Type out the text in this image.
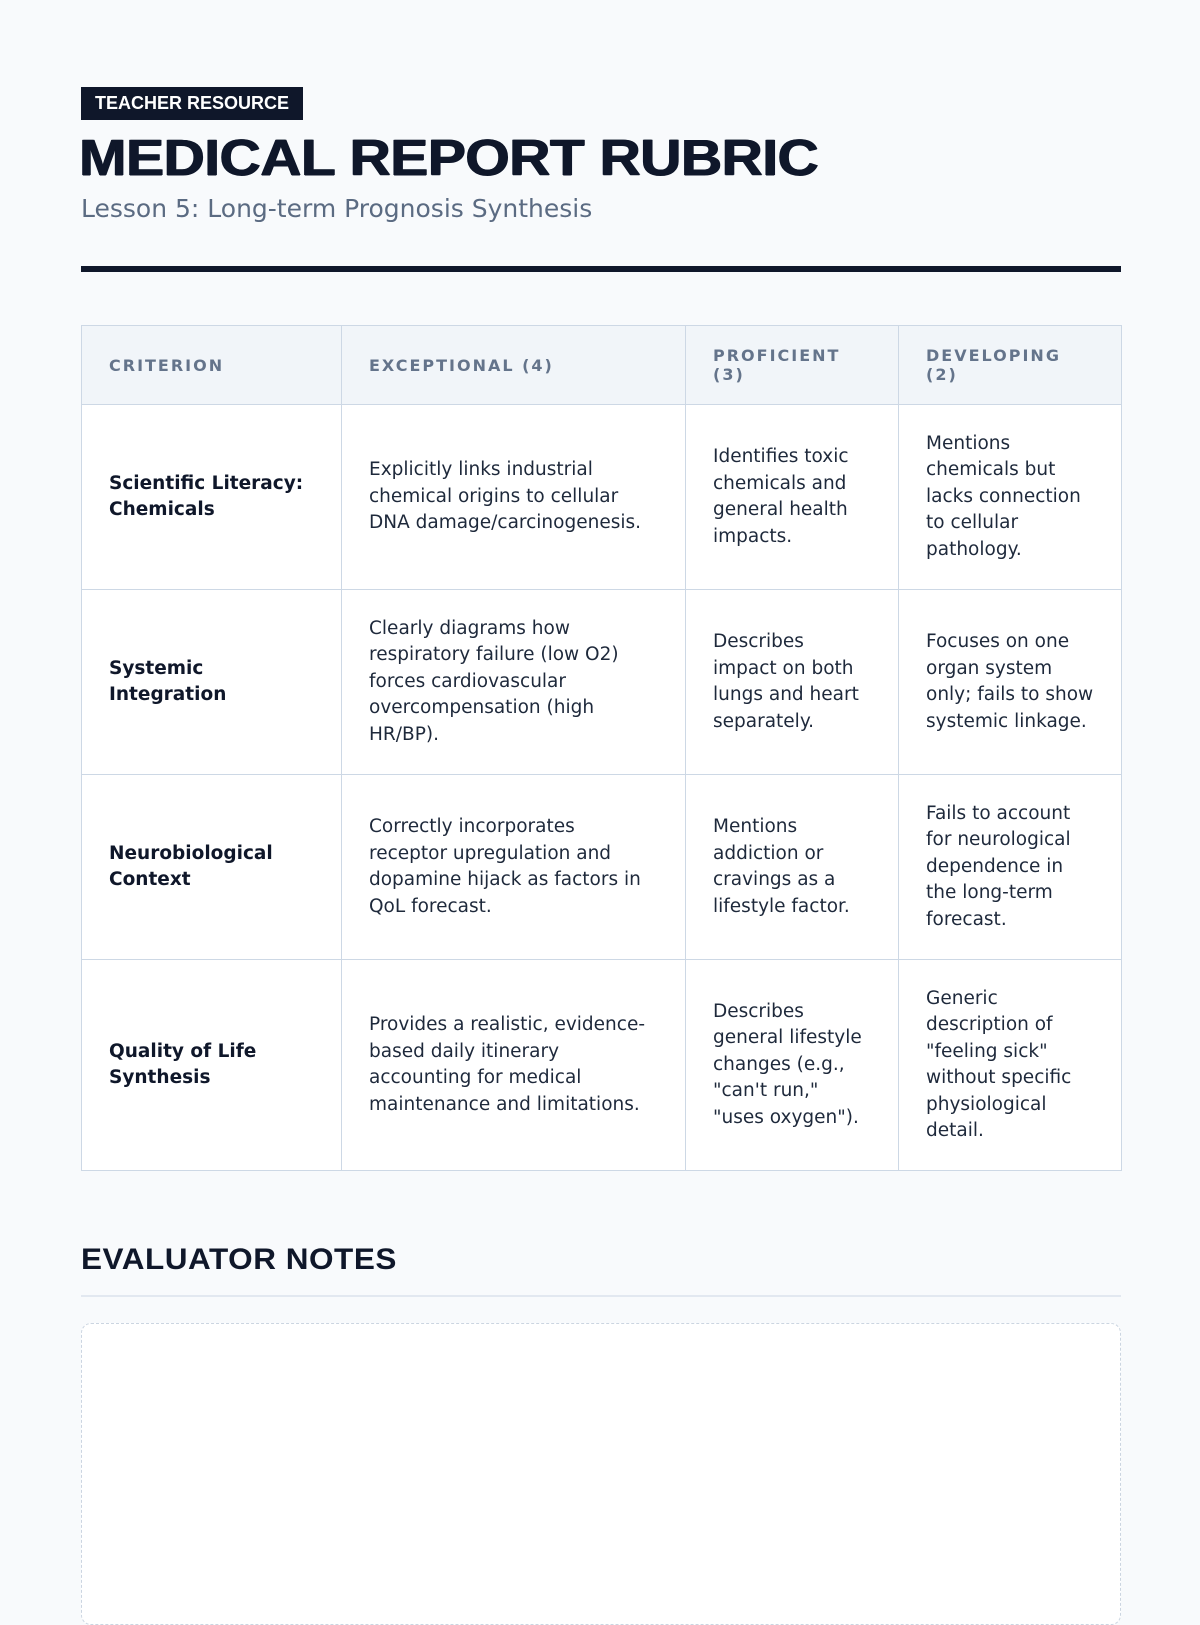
TEACHER RESOURCE
MEDICAL REPORT RUBRIC
Lesson 5: Long-term Prognosis Synthesis
CRITERION	EXCEPTIONAL (4)	PROFICIENT (3)	DEVELOPING (2)
Scientific Literacy: Chemicals	Explicitly links industrial chemical origins to cellular DNA damage/carcinogenesis.	Identifies toxic chemicals and general health impacts.	Mentions chemicals but lacks connection to cellular pathology.
Systemic Integration	Clearly diagrams how respiratory failure (low O2) forces cardiovascular overcompensation (high HR/BP).	Describes impact on both lungs and heart separately.	Focuses on one organ system only; fails to show systemic linkage.
Neurobiological Context	Correctly incorporates receptor upregulation and dopamine hijack as factors in QoL forecast.	Mentions addiction or cravings as a lifestyle factor.	Fails to account for neurological dependence in the long-term forecast.
Quality of Life Synthesis	Provides a realistic, evidence-based daily itinerary accounting for medical maintenance and limitations.	Describes general lifestyle changes (e.g., "can't run," "uses oxygen").	Generic description of "feeling sick" without specific physiological detail.
EVALUATOR NOTES
